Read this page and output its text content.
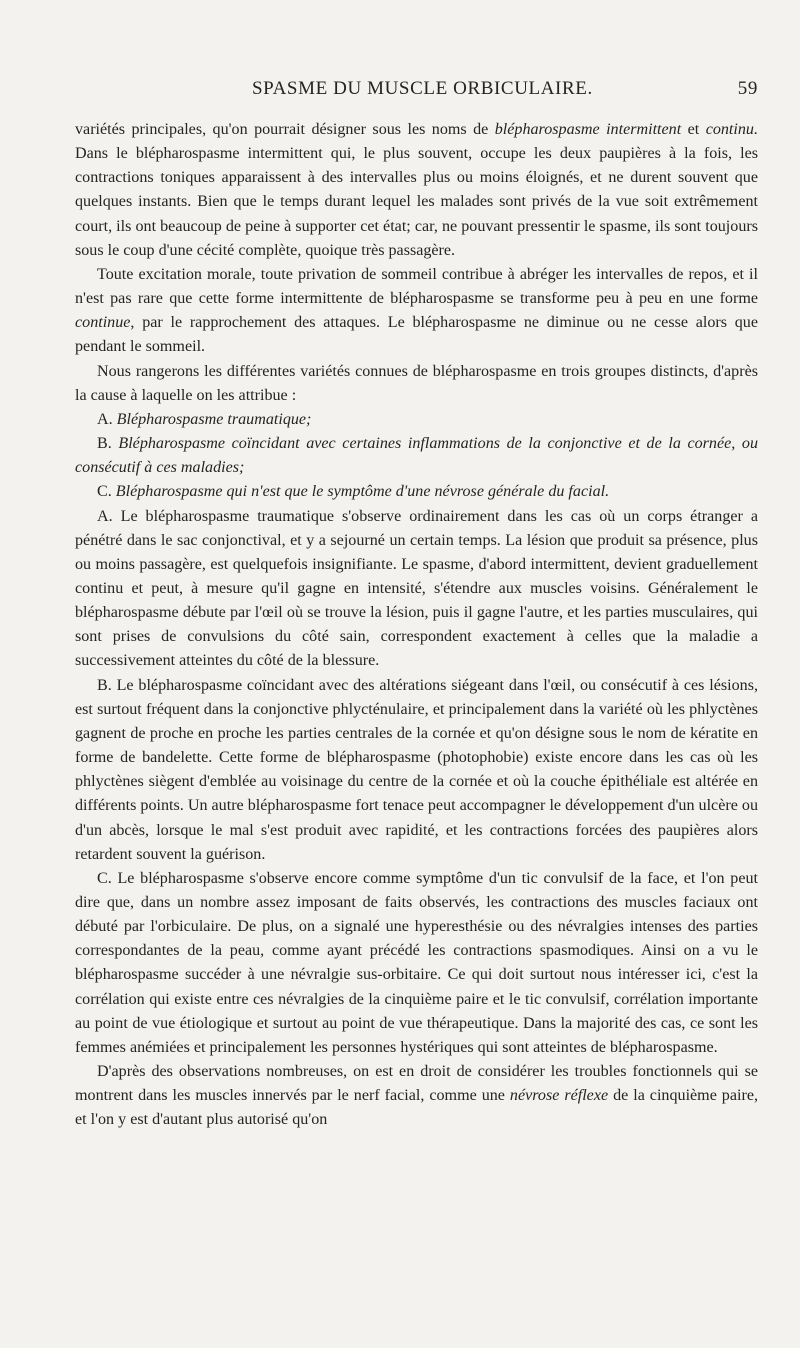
SPASME DU MUSCLE ORBICULAIRE.	59

variétés principales, qu'on pourrait désigner sous les noms de blépharospasme intermittent et continu. Dans le blépharospasme intermittent qui, le plus souvent, occupe les deux paupières à la fois, les contractions toniques apparaissent à des intervalles plus ou moins éloignés, et ne durent souvent que quelques instants. Bien que le temps durant lequel les malades sont privés de la vue soit extrêmement court, ils ont beaucoup de peine à supporter cet état; car, ne pouvant pressentir le spasme, ils sont toujours sous le coup d'une cécité complète, quoique très passagère.

Toute excitation morale, toute privation de sommeil contribue à abréger les intervalles de repos, et il n'est pas rare que cette forme intermittente de blépharospasme se transforme peu à peu en une forme continue, par le rapprochement des attaques. Le blépharospasme ne diminue ou ne cesse alors que pendant le sommeil.

Nous rangerons les différentes variétés connues de blépharospasme en trois groupes distincts, d'après la cause à laquelle on les attribue :

A. Blépharospasme traumatique;

B. Blépharospasme coïncidant avec certaines inflammations de la conjonctive et de la cornée, ou consécutif à ces maladies;

C. Blépharospasme qui n'est que le symptôme d'une névrose générale du facial.

A. Le blépharospasme traumatique s'observe ordinairement dans les cas où un corps étranger a pénétré dans le sac conjonctival, et y a sejourné un certain temps. La lésion que produit sa présence, plus ou moins passagère, est quelquefois insignifiante. Le spasme, d'abord intermittent, devient graduellement continu et peut, à mesure qu'il gagne en intensité, s'étendre aux muscles voisins. Généralement le blépharospasme débute par l'œil où se trouve la lésion, puis il gagne l'autre, et les parties musculaires, qui sont prises de convulsions du côté sain, correspondent exactement à celles que la maladie a successivement atteintes du côté de la blessure.

B. Le blépharospasme coïncidant avec des altérations siégeant dans l'œil, ou consécutif à ces lésions, est surtout fréquent dans la conjonctive phlycténulaire, et principalement dans la variété où les phlyctènes gagnent de proche en proche les parties centrales de la cornée et qu'on désigne sous le nom de kératite en forme de bandelette. Cette forme de blépharospasme (photophobie) existe encore dans les cas où les phlyctènes siègent d'emblée au voisinage du centre de la cornée et où la couche épithéliale est altérée en différents points. Un autre blépharospasme fort tenace peut accompagner le développement d'un ulcère ou d'un abcès, lorsque le mal s'est produit avec rapidité, et les contractions forcées des paupières alors retardent souvent la guérison.

C. Le blépharospasme s'observe encore comme symptôme d'un tic convulsif de la face, et l'on peut dire que, dans un nombre assez imposant de faits observés, les contractions des muscles faciaux ont débuté par l'orbiculaire. De plus, on a signalé une hyperesthésie ou des névralgies intenses des parties correspondantes de la peau, comme ayant précédé les contractions spasmodiques. Ainsi on a vu le blépharospasme succéder à une névralgie sus-orbitaire. Ce qui doit surtout nous intéresser ici, c'est la corrélation qui existe entre ces névralgies de la cinquième paire et le tic convulsif, corrélation importante au point de vue étiologique et surtout au point de vue thérapeutique. Dans la majorité des cas, ce sont les femmes anémiées et principalement les personnes hystériques qui sont atteintes de blépharospasme.

D'après des observations nombreuses, on est en droit de considérer les troubles fonctionnels qui se montrent dans les muscles innervés par le nerf facial, comme une névrose réflexe de la cinquième paire, et l'on y est d'autant plus autorisé qu'on
